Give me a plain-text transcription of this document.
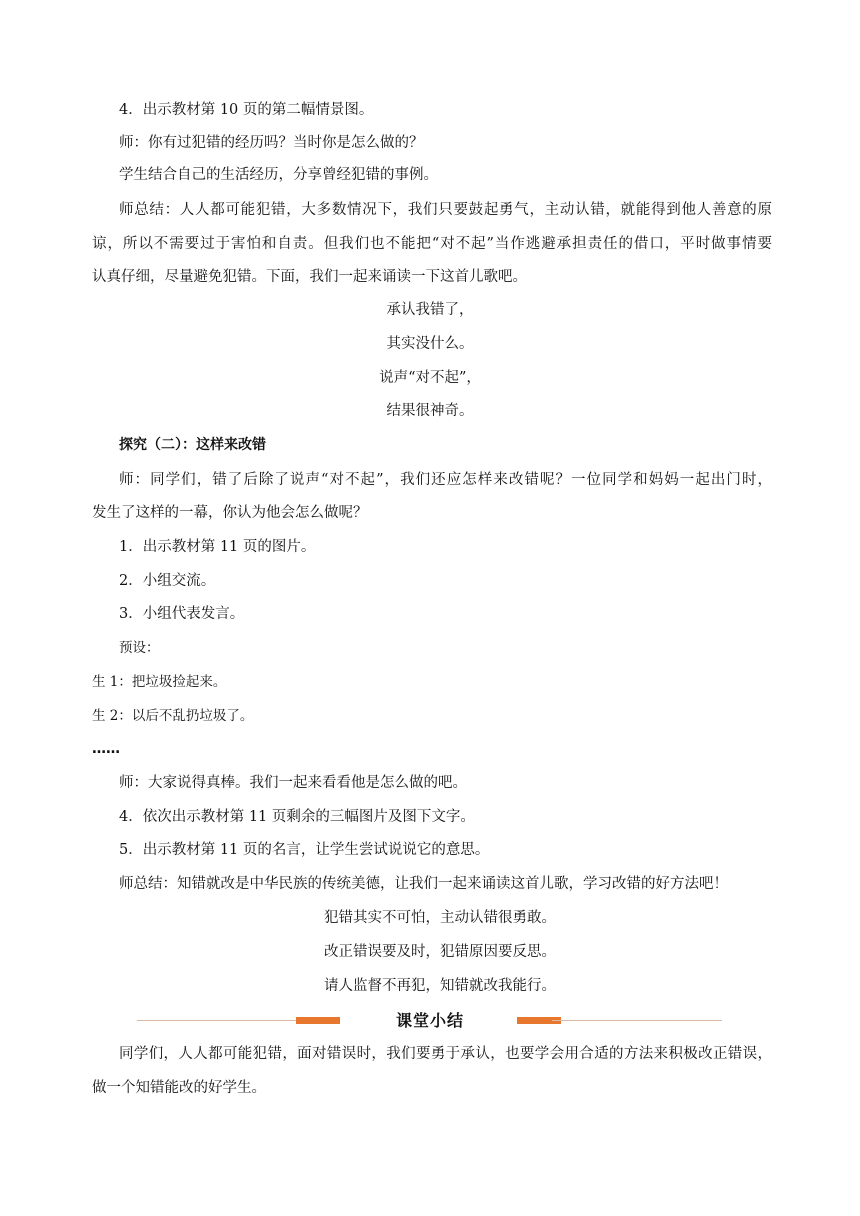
4．出示教材第 10 页的第二幅情景图。
师：你有过犯错的经历吗？当时你是怎么做的？
学生结合自己的生活经历，分享曾经犯错的事例。
师总结：人人都可能犯错，大多数情况下，我们只要鼓起勇气，主动认错，就能得到他人善意的原
谅，所以不需要过于害怕和自责。但我们也不能把“对不起”当作逃避承担责任的借口，平时做事情要
认真仔细，尽量避免犯错。下面，我们一起来诵读一下这首儿歌吧。
承认我错了，
其实没什么。
说声“对不起”，
结果很神奇。
探究（二）：这样来改错
师：同学们，错了后除了说声“对不起”，我们还应怎样来改错呢？一位同学和妈妈一起出门时，
发生了这样的一幕，你认为他会怎么做呢？
1．出示教材第 11 页的图片。
2．小组交流。
3．小组代表发言。
预设：
生 1：把垃圾捡起来。
生 2：以后不乱扔垃圾了。
……
师：大家说得真棒。我们一起来看看他是怎么做的吧。
4．依次出示教材第 11 页剩余的三幅图片及图下文字。
5．出示教材第 11 页的名言，让学生尝试说说它的意思。
师总结：知错就改是中华民族的传统美德，让我们一起来诵读这首儿歌，学习改错的好方法吧！
犯错其实不可怕，主动认错很勇敢。
改正错误要及时，犯错原因要反思。
请人监督不再犯，知错就改我能行。
课堂小结
同学们，人人都可能犯错，面对错误时，我们要勇于承认，也要学会用合适的方法来积极改正错误，
做一个知错能改的好学生。
